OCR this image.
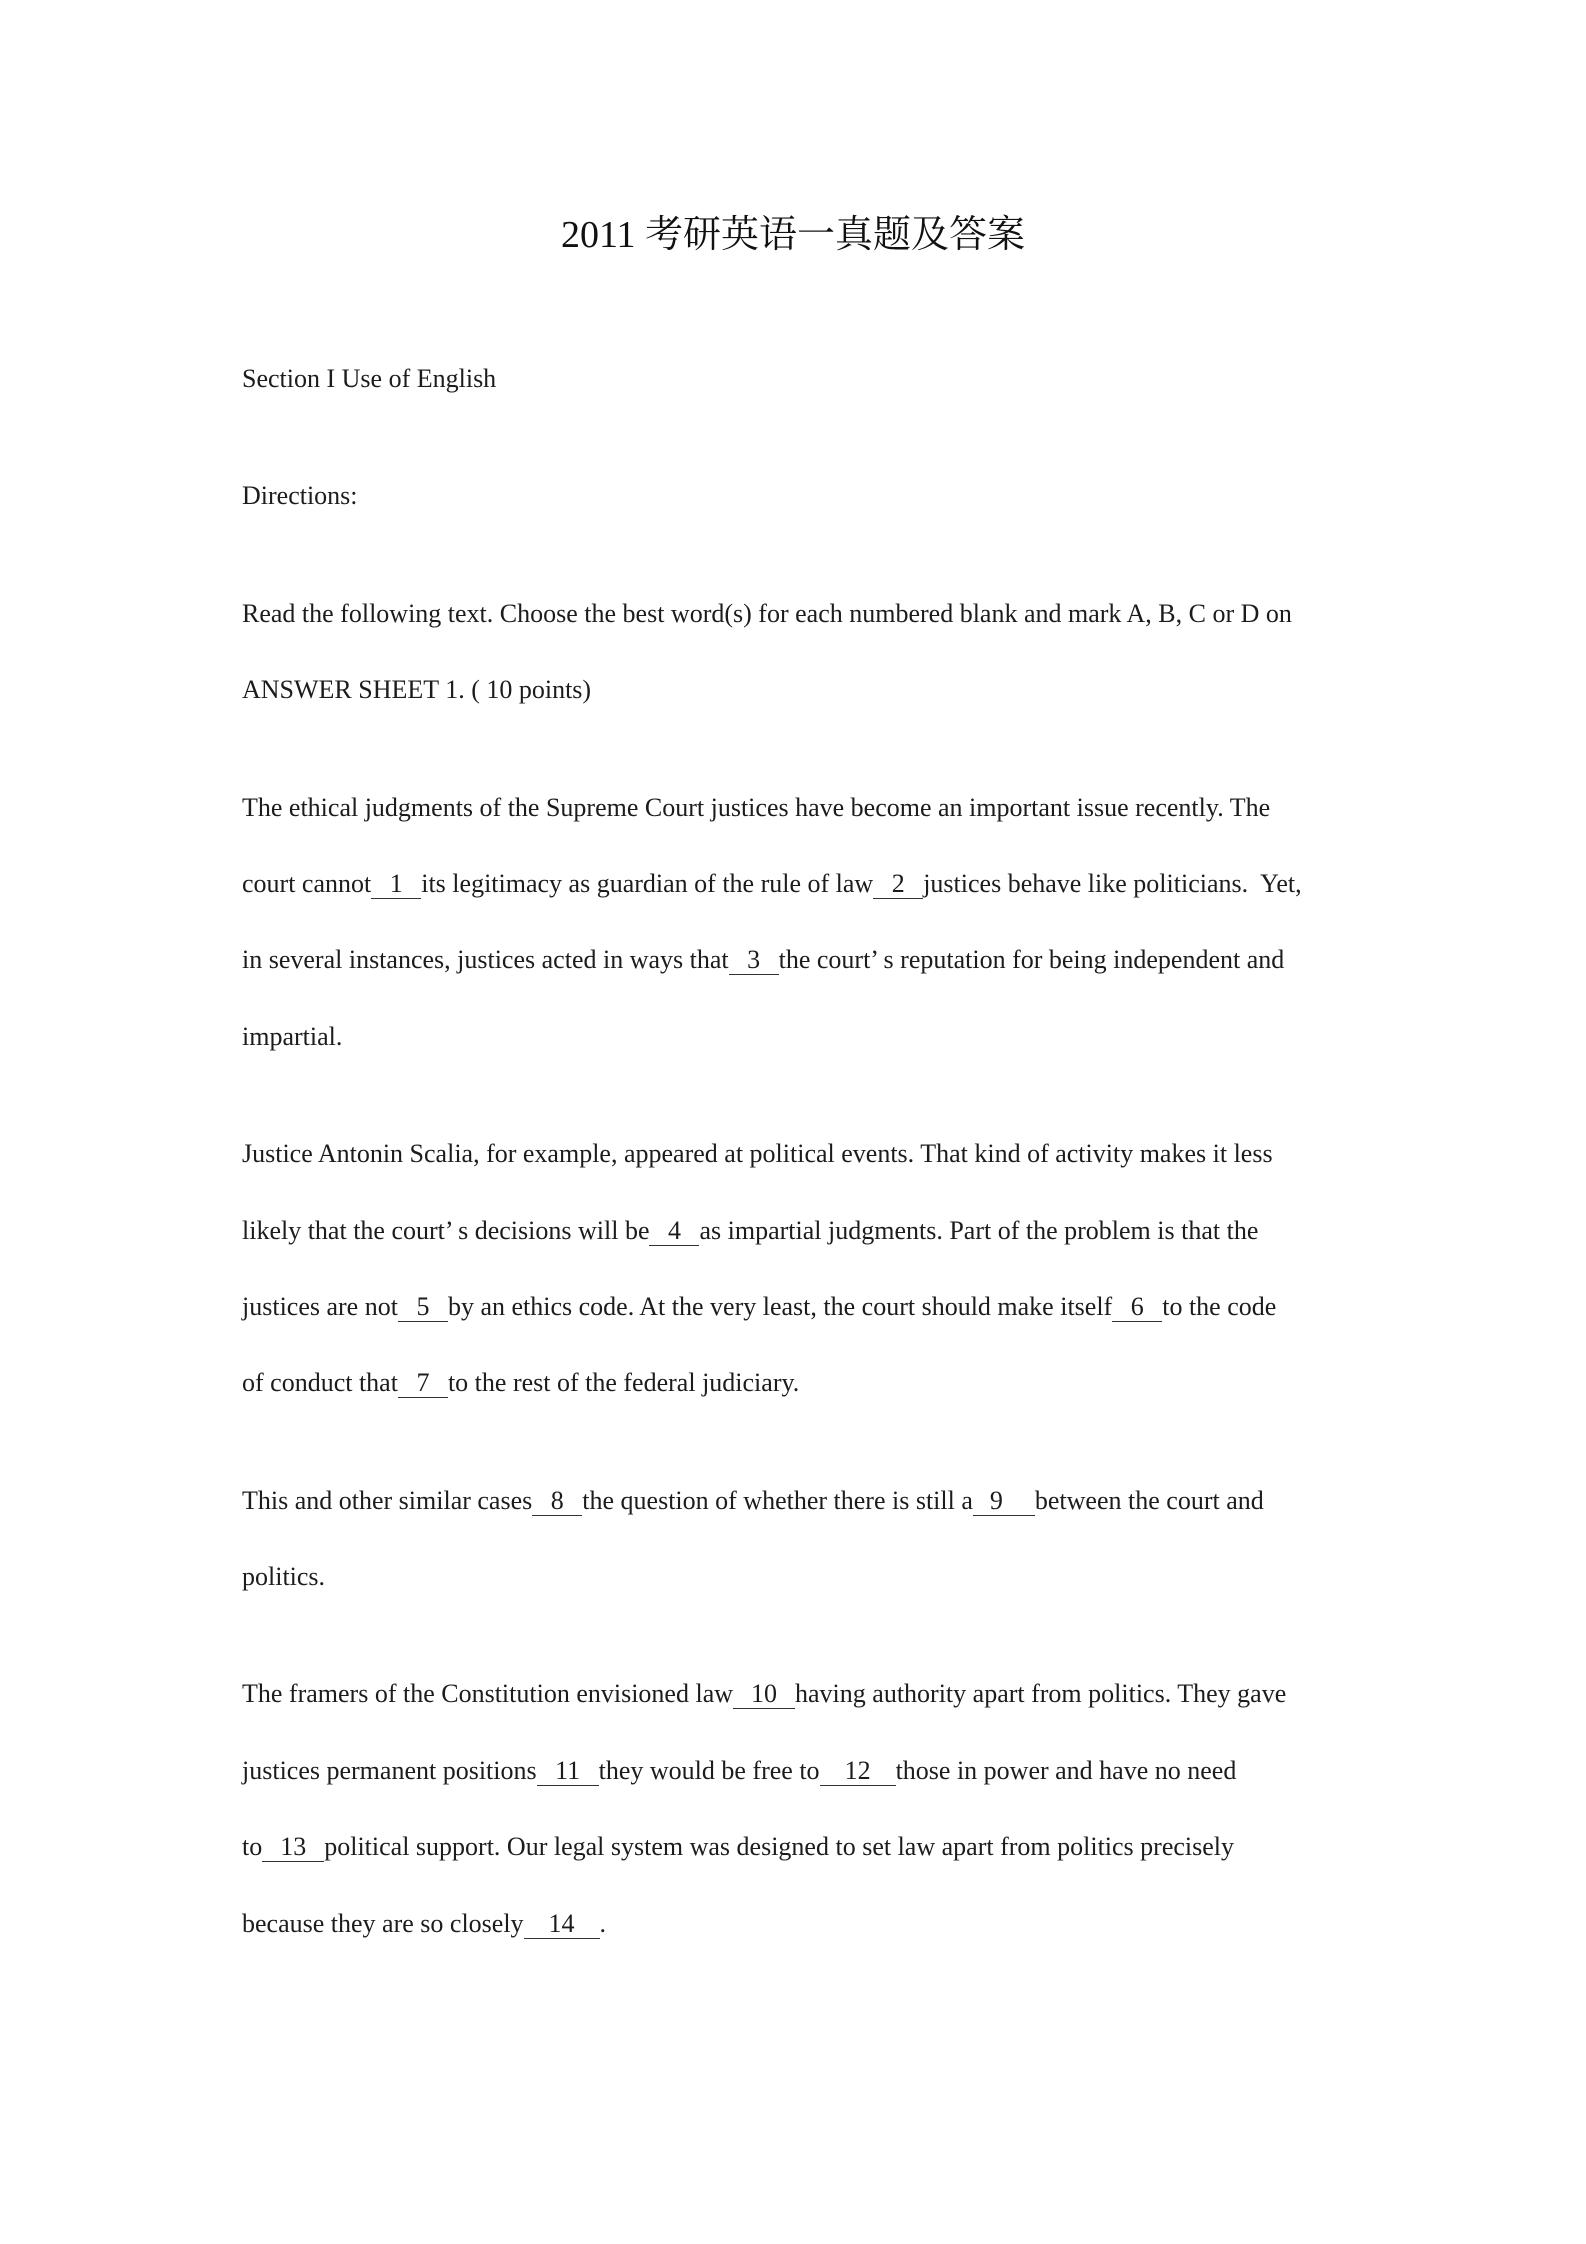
2011 考研英语一真题及答案
Section I Use of English
Directions:
Read the following text. Choose the best word(s) for each numbered blank and mark A, B, C or D on
ANSWER SHEET 1. ( 10 points)
The ethical judgments of the Supreme Court justices have become an important issue recently. The
court cannot 1 its legitimacy as guardian of the rule of law 2 justices behave like politicians.  Yet,
in several instances, justices acted in ways that 3 the court’ s reputation for being independent and
impartial.
Justice Antonin Scalia, for example, appeared at political events. That kind of activity makes it less
likely that the court’ s decisions will be 4 as impartial judgments. Part of the problem is that the
justices are not 5 by an ethics code. At the very least, the court should make itself 6 to the code
of conduct that 7 to the rest of the federal judiciary.
This and other similar cases 8 the question of whether there is still a 9 between the court and
politics.
The framers of the Constitution envisioned law 10 having authority apart from politics. They gave
justices permanent positions 11 they would be free to 12 those in power and have no need
to 13 political support. Our legal system was designed to set law apart from politics precisely
because they are so closely 14 .
